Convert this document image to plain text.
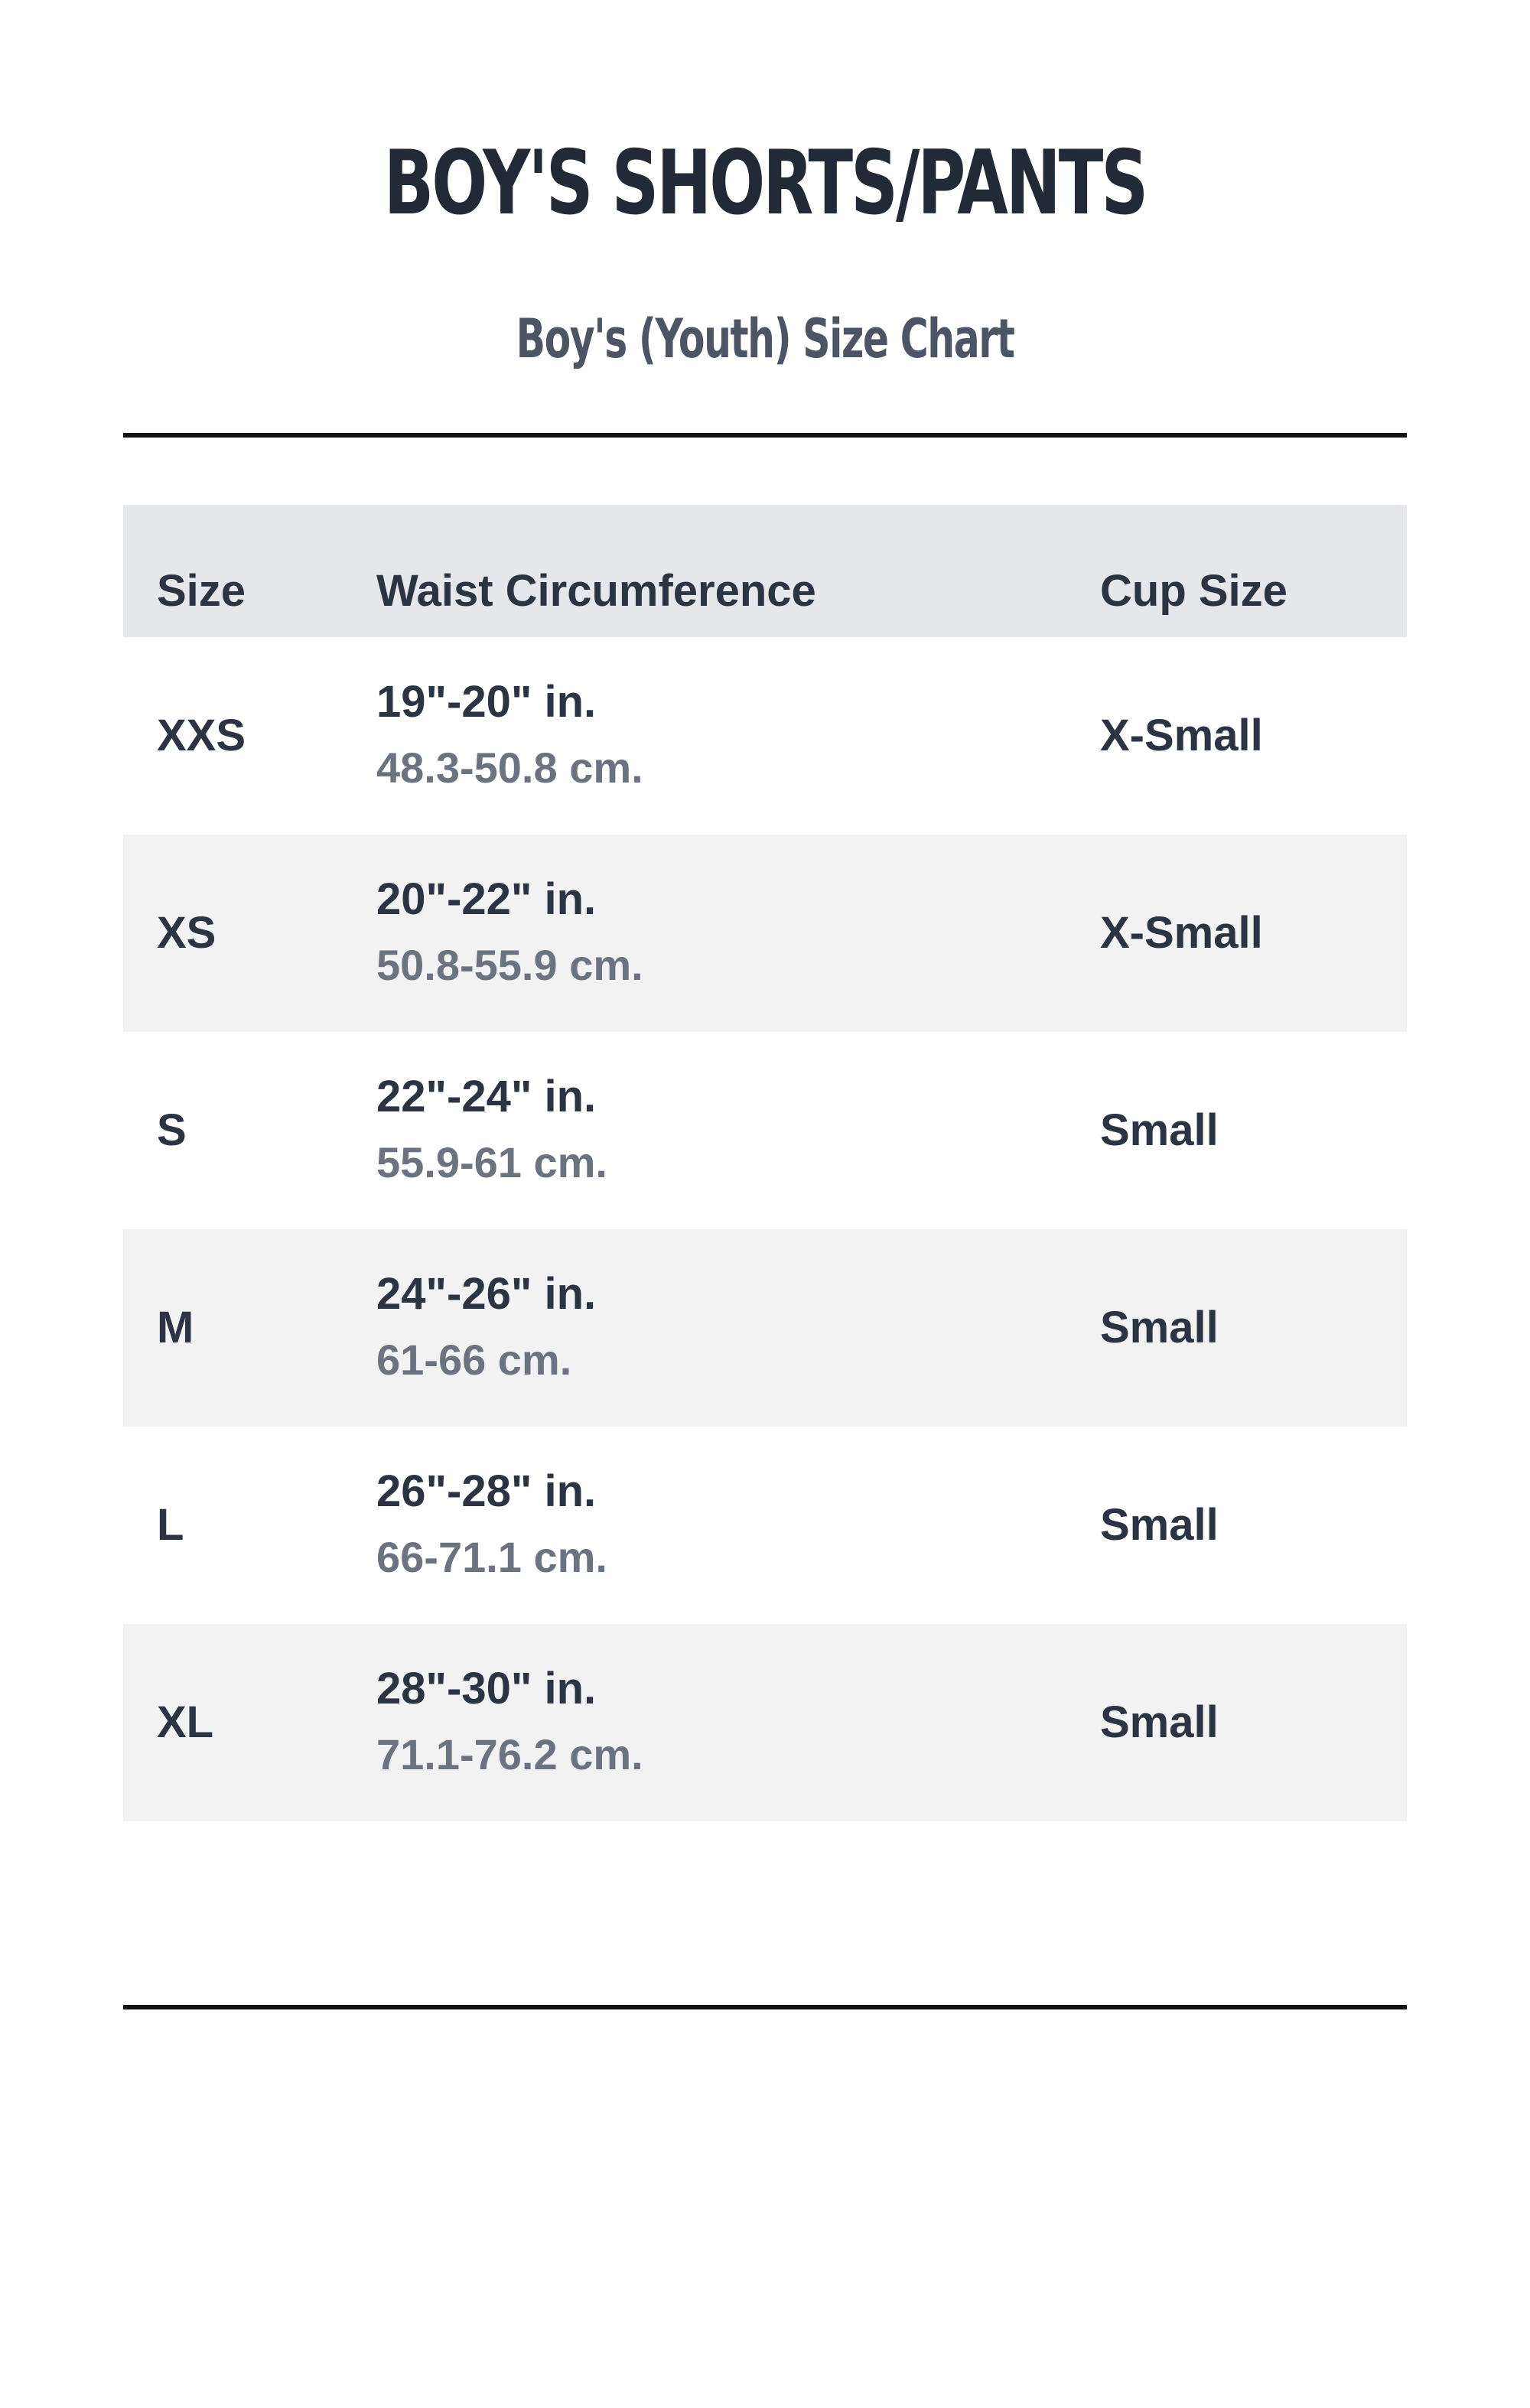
BOY'S SHORTS/PANTS
Boy's (Youth) Size Chart
Size	Waist Circumference	Cup Size
XXS
19"-20" in.
48.3-50.8 cm.
X-Small
XS
20"-22" in.
50.8-55.9 cm.
X-Small
S
22"-24" in.
55.9-61 cm.
Small
M
24"-26" in.
61-66 cm.
Small
L
26"-28" in.
66-71.1 cm.
Small
XL
28"-30" in.
71.1-76.2 cm.
Small
